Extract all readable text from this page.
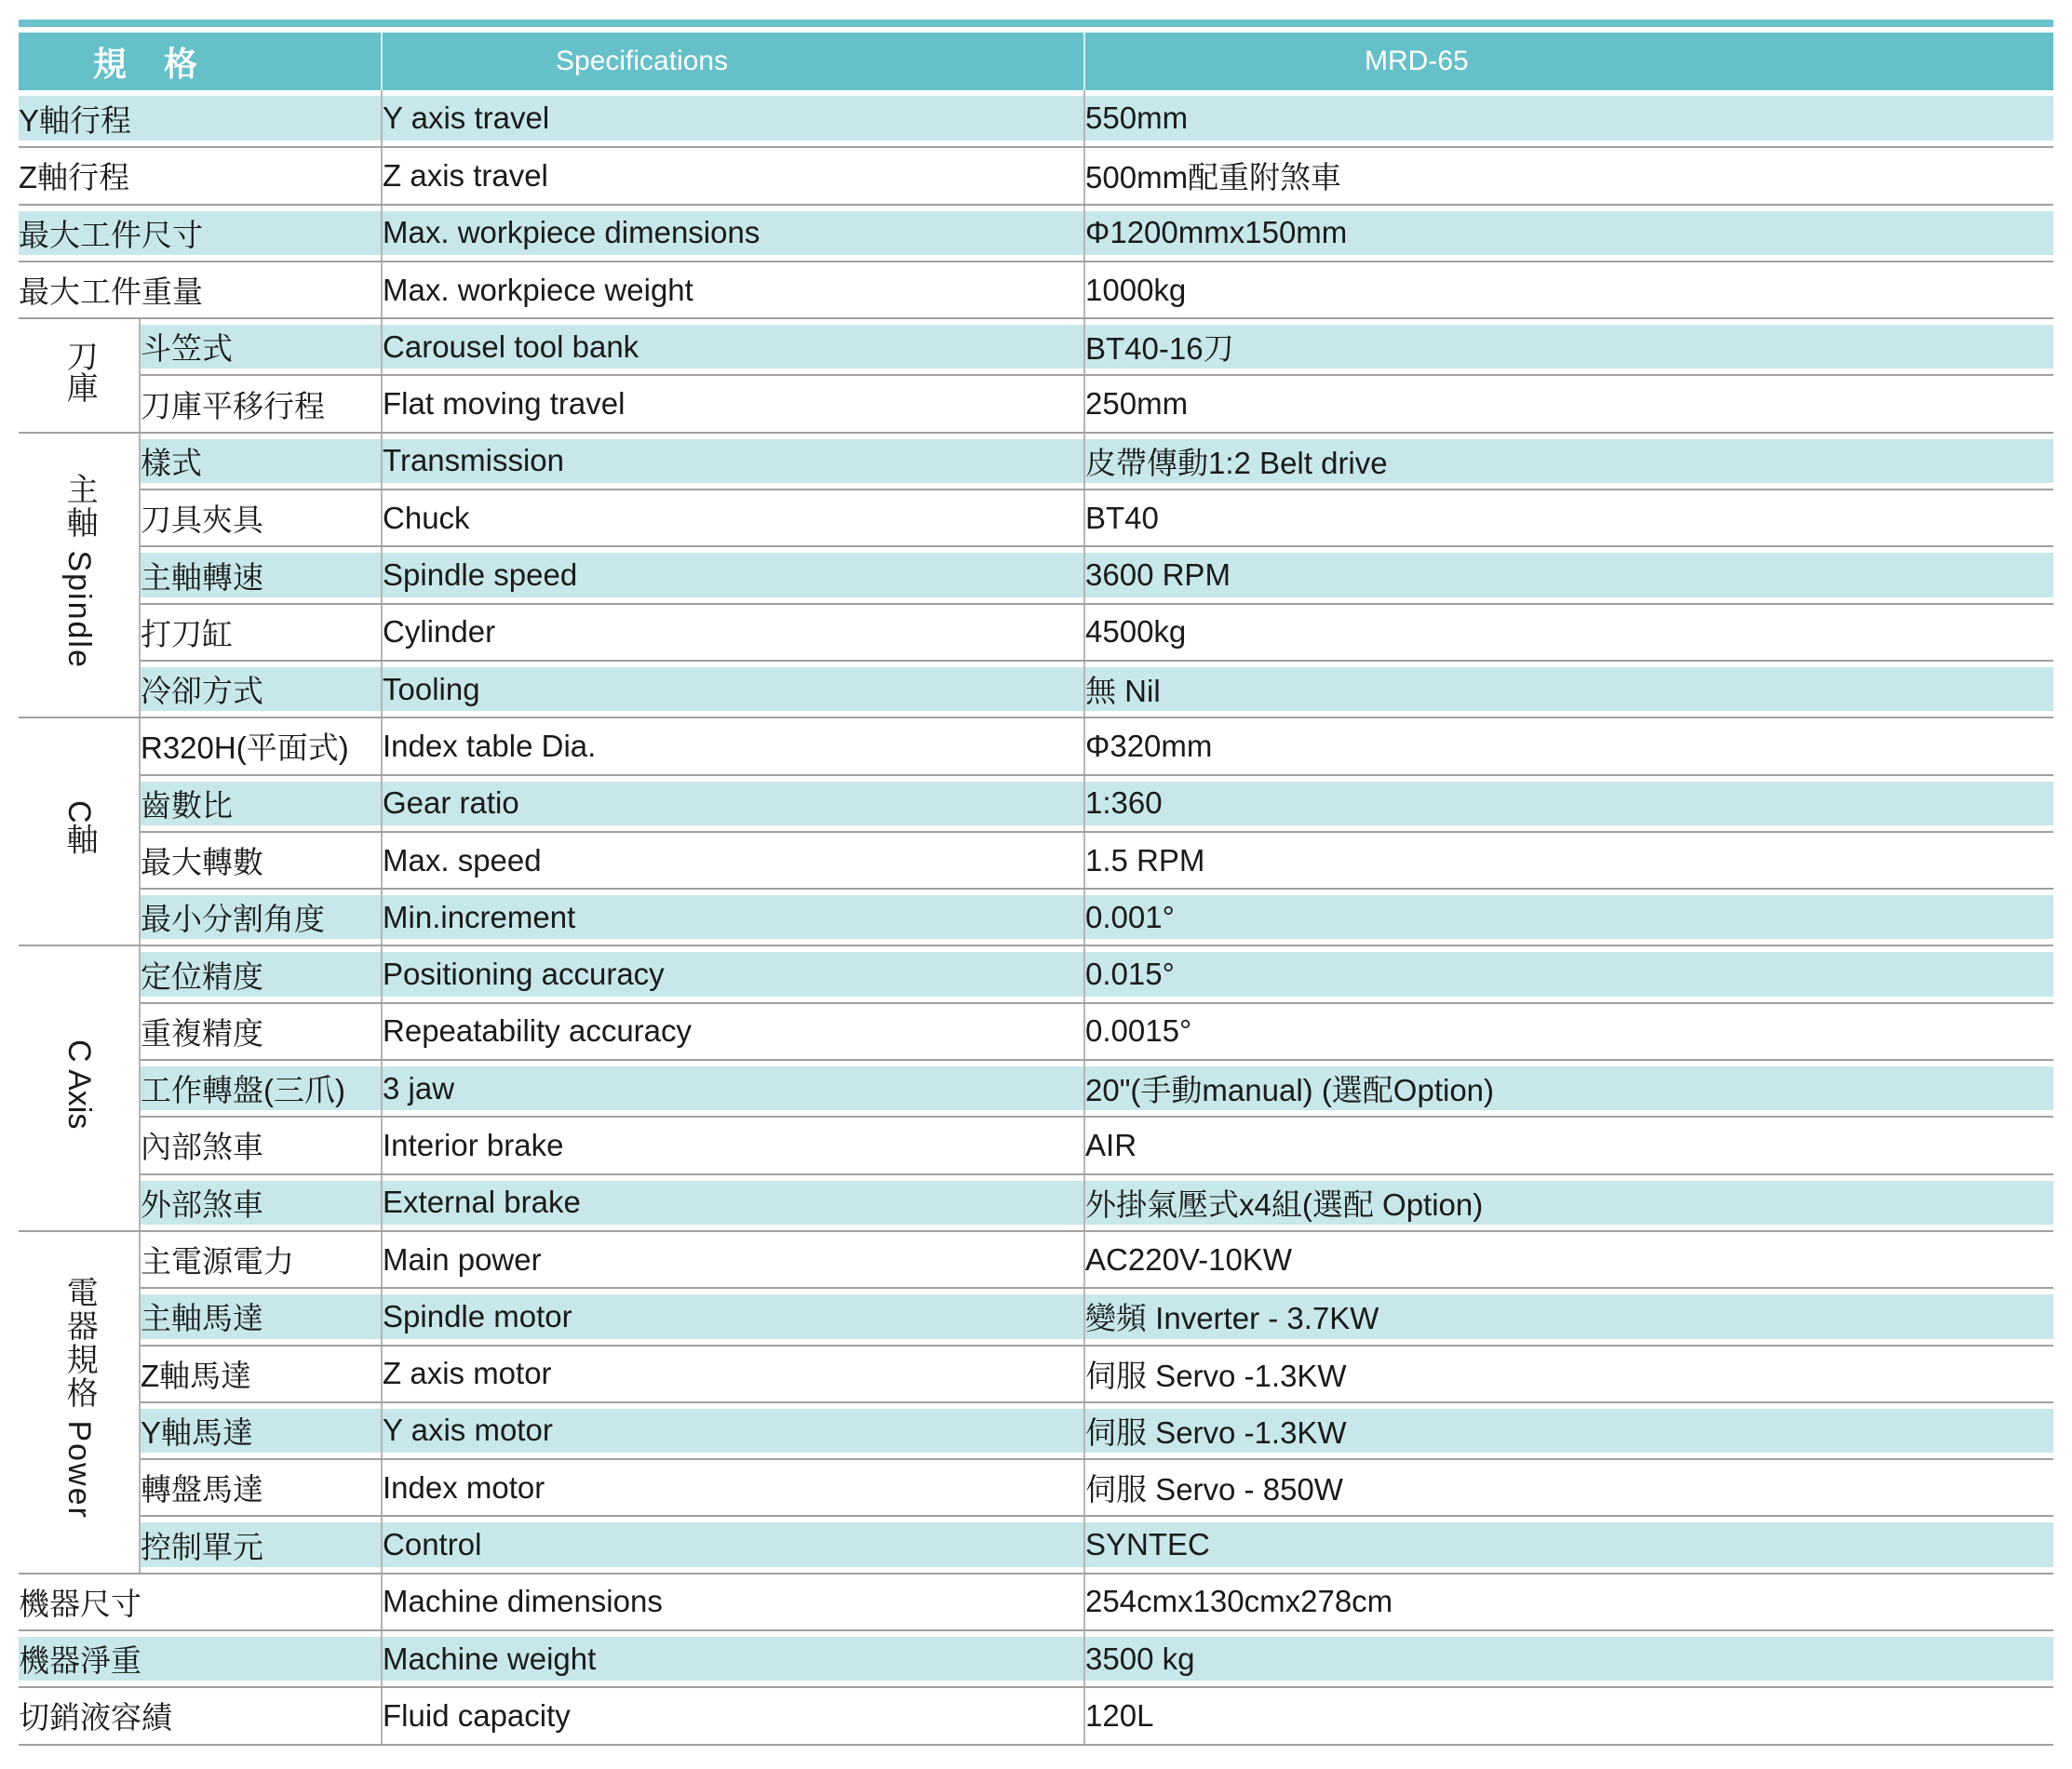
規格		Specifications	MRD-65
Y軸行程		Y axis travel	550mm
Z軸行程		Z axis travel	500mm配重附煞車
最大工件尺寸		Max. workpiece dimensions	Φ1200mmx150mm
最大工件重量		Max. workpiece weight	1000kg
刀庫	斗笠式	Carousel tool bank	BT40-16刀
	刀庫平移行程	Flat moving travel	250mm
主軸 Spindle	樣式	Transmission	皮帶傳動1:2 Belt drive
	刀具夾具	Chuck	BT40
	主軸轉速	Spindle speed	3600 RPM
	打刀缸	Cylinder	4500kg
	冷卻方式	Tooling	無 Nil
C軸	R320H(平面式)	Index table Dia.	Φ320mm
	齒數比	Gear ratio	1:360
	最大轉數	Max. speed	1.5 RPM
	最小分割角度	Min.increment	0.001°
C Axis	定位精度	Positioning accuracy	0.015°
	重複精度	Repeatability accuracy	0.0015°
	工作轉盤(三爪)	3 jaw	20"(手動manual) (選配Option)
	內部煞車	Interior brake	AIR
	外部煞車	External brake	外掛氣壓式x4組(選配 Option)
電器規格 Power	主電源電力	Main power	AC220V-10KW
	主軸馬達	Spindle motor	變頻 Inverter - 3.7KW
	Z軸馬達	Z axis motor	伺服 Servo -1.3KW
	Y軸馬達	Y axis motor	伺服 Servo -1.3KW
	轉盤馬達	Index motor	伺服 Servo - 850W
	控制單元	Control	SYNTEC
機器尺寸		Machine dimensions	254cmx130cmx278cm
機器淨重		Machine weight	3500 kg
切銷液容績		Fluid capacity	120L
